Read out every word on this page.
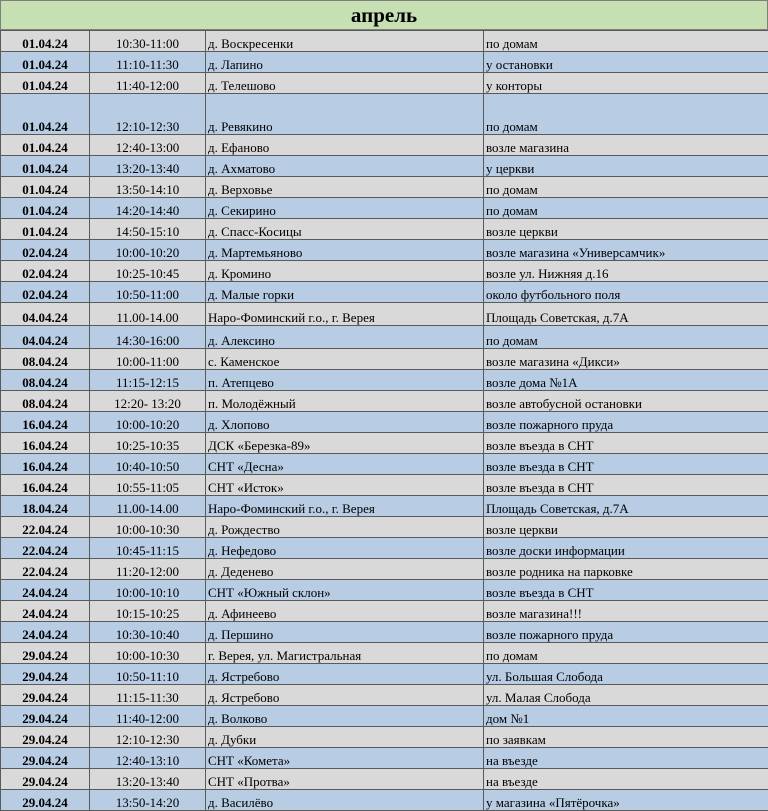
апрель
01.04.24	10:30-11:00	д. Воскресенки	по домам
01.04.24	11:10-11:30	д. Лапино	у остановки
01.04.24	11:40-12:00	д. Телешово	у конторы
01.04.24	12:10-12:30	д. Ревякино	по домам
01.04.24	12:40-13:00	д. Ефаново	возле магазина
01.04.24	13:20-13:40	д. Ахматово	у церкви
01.04.24	13:50-14:10	д. Верховье	по домам
01.04.24	14:20-14:40	д. Секирино	по домам
01.04.24	14:50-15:10	д. Спасс-Косицы	возле церкви
02.04.24	10:00-10:20	д. Мартемьяново	возле магазина «Универсамчик»
02.04.24	10:25-10:45	д. Кромино	возле ул. Нижняя д.16
02.04.24	10:50-11:00	д. Малые горки	около футбольного поля
04.04.24	11.00-14.00	Наро-Фоминский г.о., г. Верея	Площадь Советская, д.7А
04.04.24	14:30-16:00	д. Алексино	по домам
08.04.24	10:00-11:00	с. Каменское	возле магазина «Дикси»
08.04.24	11:15-12:15	п. Атепцево	возле дома №1А
08.04.24	12:20- 13:20	п. Молодёжный	возле автобусной остановки
16.04.24	10:00-10:20	д. Хлопово	возле пожарного пруда
16.04.24	10:25-10:35	ДСК «Березка-89»	возле въезда в СНТ
16.04.24	10:40-10:50	СНТ «Десна»	возле въезда в СНТ
16.04.24	10:55-11:05	СНТ «Исток»	возле въезда в СНТ
18.04.24	11.00-14.00	Наро-Фоминский г.о., г. Верея	Площадь Советская, д.7А
22.04.24	10:00-10:30	д. Рождество	возле церкви
22.04.24	10:45-11:15	д. Нефедово	возле доски информации
22.04.24	11:20-12:00	д. Деденево	возле родника на парковке
24.04.24	10:00-10:10	СНТ «Южный склон»	возле въезда в СНТ
24.04.24	10:15-10:25	д. Афинеево	возле магазина!!!
24.04.24	10:30-10:40	д. Першино	возле пожарного пруда
29.04.24	10:00-10:30	г. Верея, ул. Магистральная	по домам
29.04.24	10:50-11:10	д. Ястребово	ул. Большая Слобода
29.04.24	11:15-11:30	д. Ястребово	ул. Малая Слобода
29.04.24	11:40-12:00	д. Волково	дом №1
29.04.24	12:10-12:30	д. Дубки	по заявкам
29.04.24	12:40-13:10	СНТ «Комета»	на въезде
29.04.24	13:20-13:40	СНТ «Протва»	на въезде
29.04.24	13:50-14:20	д. Василёво	у магазина «Пятёрочка»
